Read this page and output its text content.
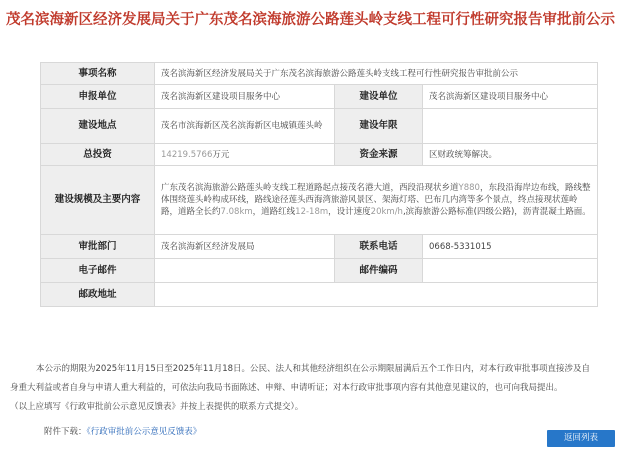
茂名滨海新区经济发展局关于广东茂名滨海旅游公路莲头岭支线工程可行性研究报告审批前公示
事项名称	茂名滨海新区经济发展局关于广东茂名滨海旅游公路莲头岭支线工程可行性研究报告审批前公示		
申报单位	茂名滨海新区建设项目服务中心	建设单位	茂名滨海新区建设项目服务中心
建设地点	茂名市滨海新区茂名滨海新区电城镇莲头岭	建设年限	
总投资	14219.5766万元	资金来源	区财政统筹解决。
建设规模及主要内容	广东茂名滨海旅游公路莲头岭支线工程道路起点接茂名港大道，西段沿现状乡道Y880，东段沿海岸边布线，路线整体围绕莲头岭构成环线，路线途径莲头西海湾旅游风景区、架海灯塔、巴布几内湾等多个景点，终点接现状莲岭路，道路全长约7.08km，道路红线12-18m，设计速度20km/h,滨海旅游公路标准(四级公路)，沥青混凝土路面。		
审批部门	茂名滨海新区经济发展局	联系电话	0668-5331015
电子邮件		邮件编码	
邮政地址			

本公示的期限为2025年11月15日至2025年11月18日。公民、法人和其他经济组织在公示期限届满后五个工作日内，对本行政审批事项直接涉及自

身重大利益或者自身与申请人重大利益的，可依法向我局书面陈述、申辩、申请听证；对本行政审批事项内容有其他意见建议的，也可向我局提出。

（以上应填写《行政审批前公示意见反馈表》并按上表提供的联系方式提交）。

附件下载：《行政审批前公示意见反馈表》
返回列表
